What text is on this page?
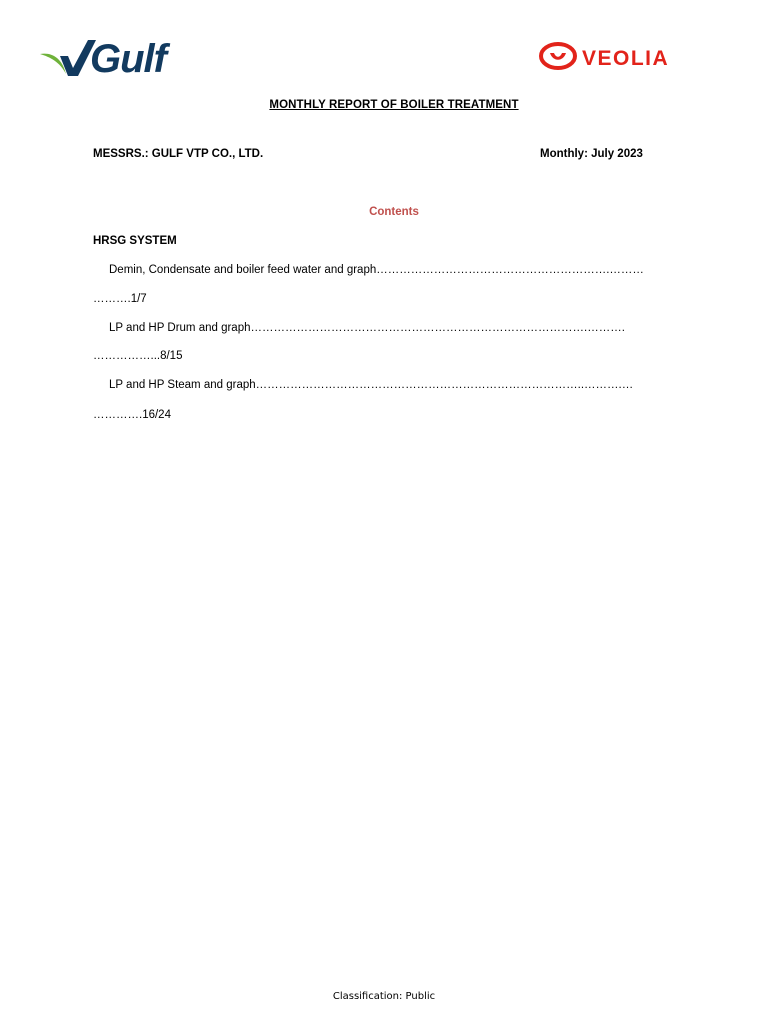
Gulf	VEOLIA
MONTHLY REPORT OF BOILER TREATMENT
MESSRS.: GULF VTP CO., LTD.	Monthly: July 2023
Contents
HRSG SYSTEM
Demin, Condensate and boiler feed water and graph…………………………………………………….………
……….1/7
LP and HP Drum and graph…………………………………………………………………………….……….
……………...8/15
LP and HP Steam and graph…………………………………………………………………………..……….…
………….16/24
Classification: Public
